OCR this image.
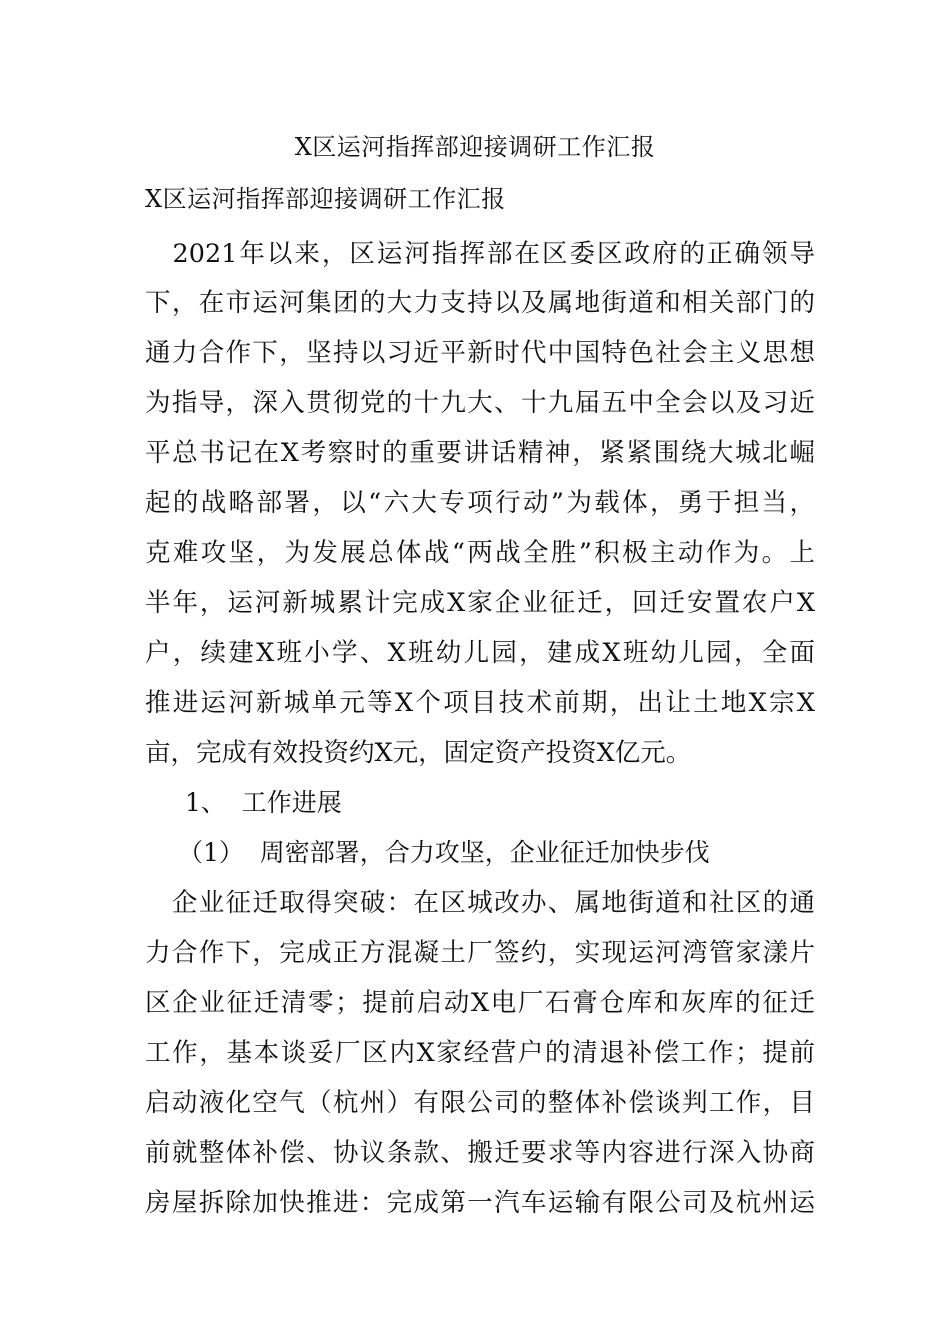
X区运河指挥部迎接调研工作汇报
X区运河指挥部迎接调研工作汇报
　2021年以来，区运河指挥部在区委区政府的正确领导
下，在市运河集团的大力支持以及属地街道和相关部门的
通力合作下，坚持以习近平新时代中国特色社会主义思想
为指导，深入贯彻党的十九大、十九届五中全会以及习近
平总书记在X考察时的重要讲话精神，紧紧围绕大城北崛
起的战略部署，以“六大专项行动”为载体，勇于担当，
克难攻坚，为发展总体战“两战全胜”积极主动作为。上
半年，运河新城累计完成X家企业征迁，回迁安置农户X
户，续建X班小学、X班幼儿园，建成X班幼儿园，全面
推进运河新城单元等X个项目技术前期，出让土地X宗X
亩，完成有效投资约X元，固定资产投资X亿元。
1、  工作进展
（1）  周密部署，合力攻坚，企业征迁加快步伐
　企业征迁取得突破：在区城改办、属地街道和社区的通
力合作下，完成正方混凝土厂签约，实现运河湾管家漾片
区企业征迁清零；提前启动X电厂石膏仓库和灰库的征迁
工作，基本谈妥厂区内X家经营户的清退补偿工作；提前
启动液化空气（杭州）有限公司的整体补偿谈判工作，目
前就整体补偿、协议条款、搬迁要求等内容进行深入协商
房屋拆除加快推进：完成第一汽车运输有限公司及杭州运
